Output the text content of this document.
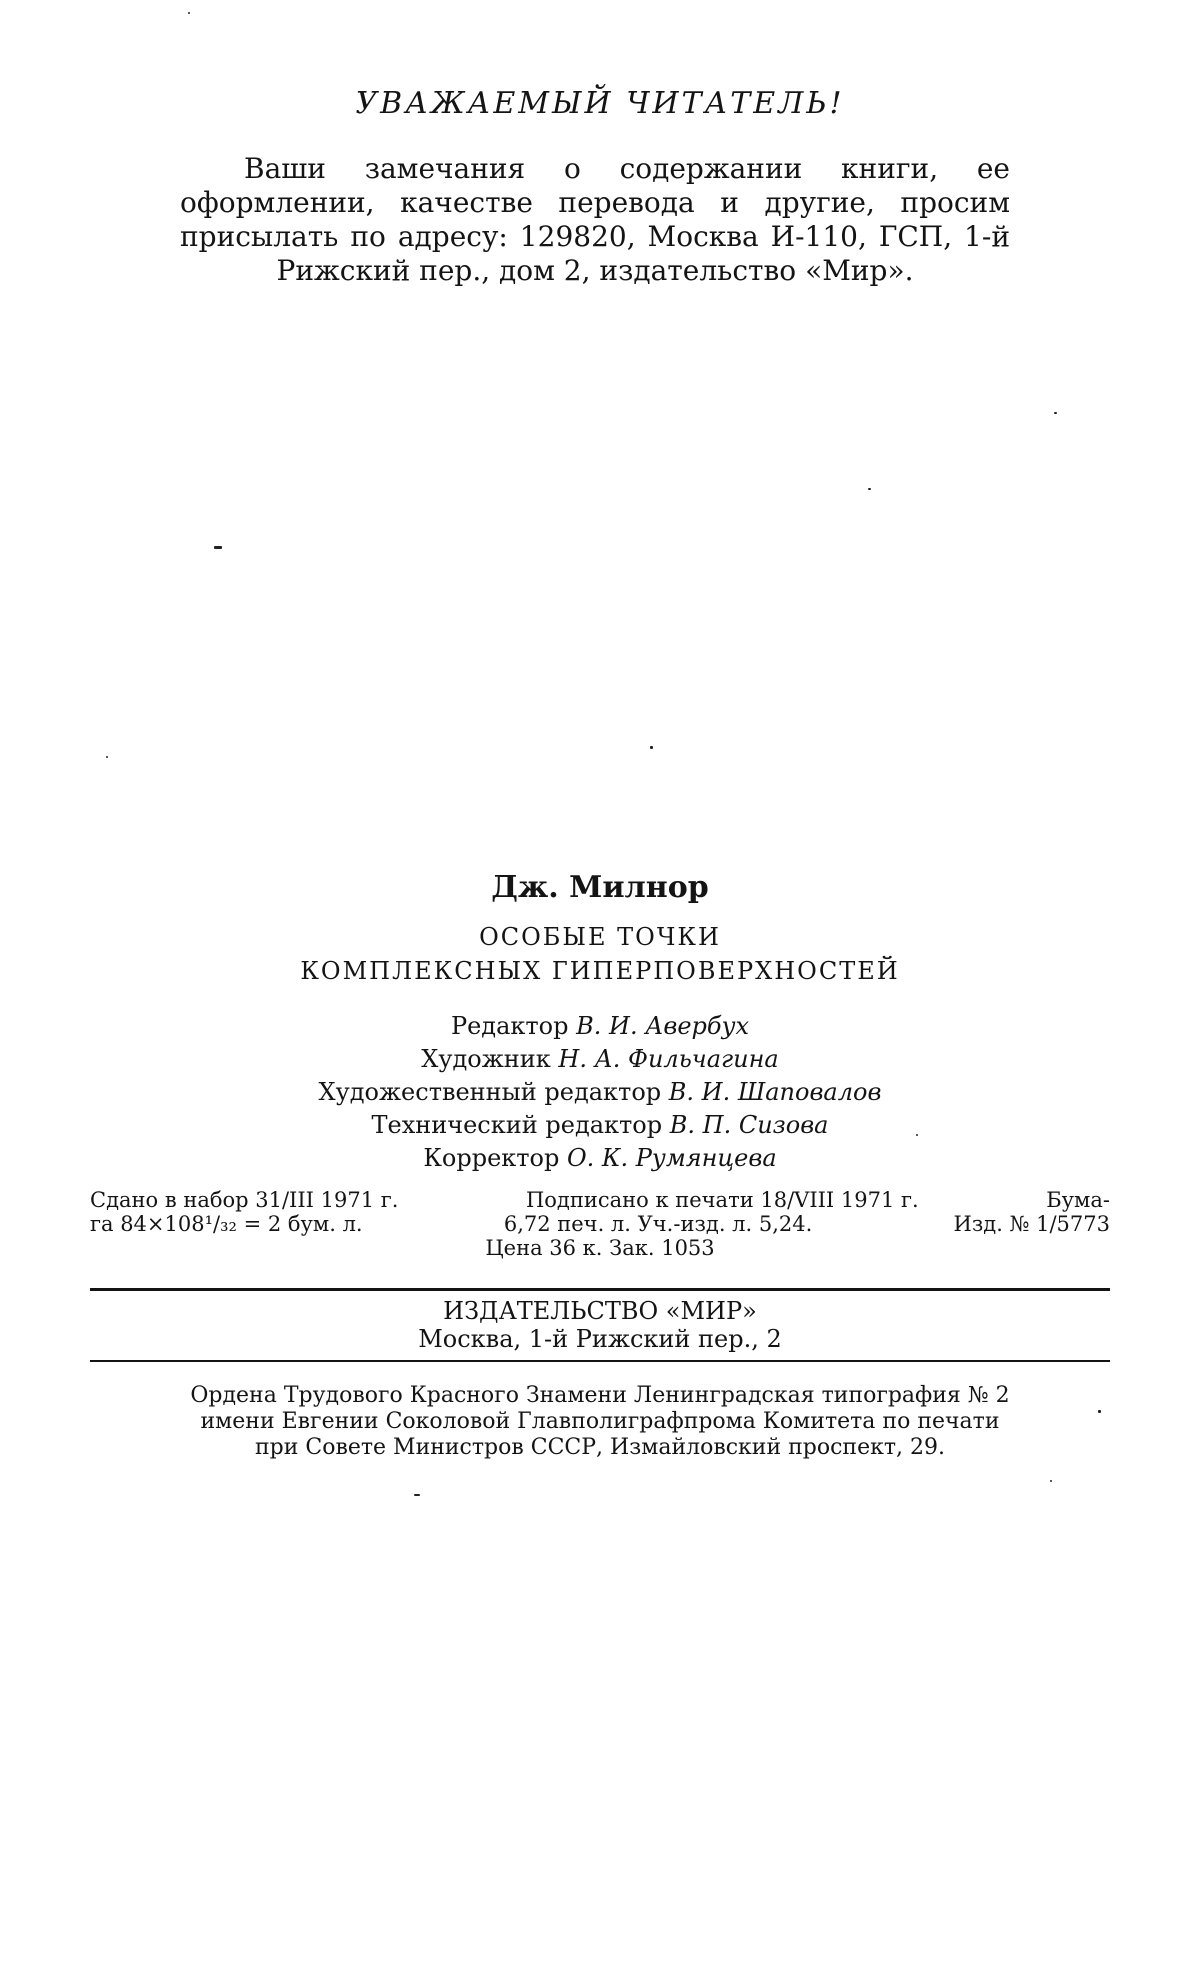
УВАЖАЕМЫЙ ЧИТАТЕЛЬ!
Ваши замечания о содержании книги, ее оформлении, качестве перевода и другие, просим присылать по адресу: 129820, Москва И-110, ГСП, 1-й Рижский пер., дом 2, издательство «Мир».
Дж. Милнор
ОСОБЫЕ ТОЧКИ
КОМПЛЕКСНЫХ ГИПЕРПОВЕРХНОСТЕЙ
Редактор В. И. Авербух
Художник Н. А. Фильчагина
Художественный редактор В. И. Шаповалов
Технический редактор В. П. Сизова
Корректор О. К. Румянцева
Сдано в набор 31/III 1971 г.	Подписано к печати 18/VIII 1971 г.	Бума-
га 84×108¹/₃₂ = 2 бум. л.	6,72 печ. л. Уч.-изд. л. 5,24.	Изд. № 1/5773
Цена 36 к. Зак. 1053
ИЗДАТЕЛЬСТВО «МИР»
Москва, 1-й Рижский пер., 2
Ордена Трудового Красного Знамени Ленинградская типография № 2
имени Евгении Соколовой Главполиграфпрома Комитета по печати
при Совете Министров СССР, Измайловский проспект, 29.
